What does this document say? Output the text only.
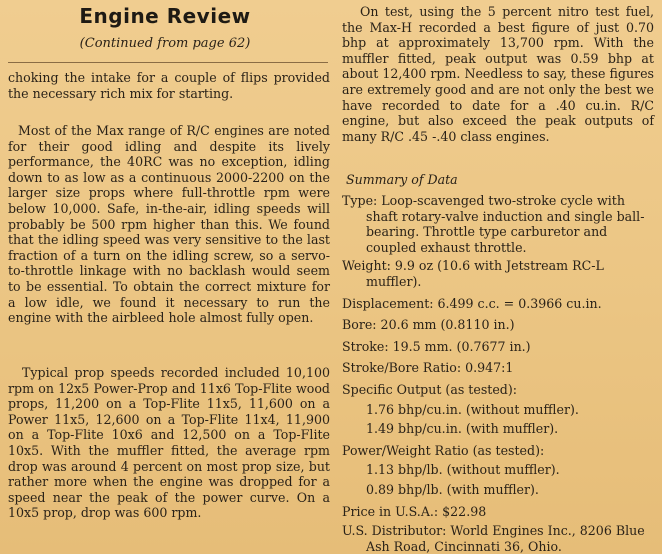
Engine Review
(Continued from page 62)

choking the intake for a couple of flips provided the necessary rich mix for starting.

Most of the Max range of R/C engines are noted for their good idling and despite its lively performance, the 40RC was no exception, idling down to as low as a continuous 2000-2200 on the larger size props where full-throttle rpm were below 10,000. Safe, in-the-air, idling speeds will probably be 500 rpm higher than this. We found that the idling speed was very sensitive to the last fraction of a turn on the idling screw, so a servo-to-throttle linkage with no backlash would seem to be essential. To obtain the correct mixture for a low idle, we found it necessary to run the engine with the airbleed hole almost fully open.

Typical prop speeds recorded included 10,100 rpm on 12x5 Power-Prop and 11x6 Top-Flite wood props, 11,200 on a Top-Flite 11x5, 11,600 on a Power 11x5, 12,600 on a Top-Flite 11x4, 11,900 on a Top-Flite 10x6 and 12,500 on a Top-Flite 10x5. With the muffler fitted, the average rpm drop was around 4 percent on most prop size, but rather more when the engine was dropped for a speed near the peak of the power curve. On a 10x5 prop, drop was 600 rpm.

On test, using the 5 percent nitro test fuel, the Max-H recorded a best figure of just 0.70 bhp at approximately 13,700 rpm. With the muffler fitted, peak output was 0.59 bhp at about 12,400 rpm. Needless to say, these figures are extremely good and are not only the best we have recorded to date for a .40 cu.in. R/C engine, but also exceed the peak outputs of many R/C .45 -.40 class engines.

Summary of Data
Type: Loop-scavenged two-stroke cycle with shaft rotary-valve induction and single ball-bearing. Throttle type carburetor and coupled exhaust throttle.
Weight: 9.9 oz (10.6 with Jetstream RC-L muffler).
Displacement: 6.499 c.c. = 0.3966 cu.in.
Bore: 20.6 mm (0.8110 in.)
Stroke: 19.5 mm. (0.7677 in.)
Stroke/Bore Ratio: 0.947:1
Specific Output (as tested):
1.76 bhp/cu.in. (without muffler).
1.49 bhp/cu.in. (with muffler).
Power/Weight Ratio (as tested):
1.13 bhp/lb. (without muffler).
0.89 bhp/lb. (with muffler).
Price in U.S.A.: $22.98
U.S. Distributor: World Engines Inc., 8206 Blue Ash Road, Cincinnati 36, Ohio.
